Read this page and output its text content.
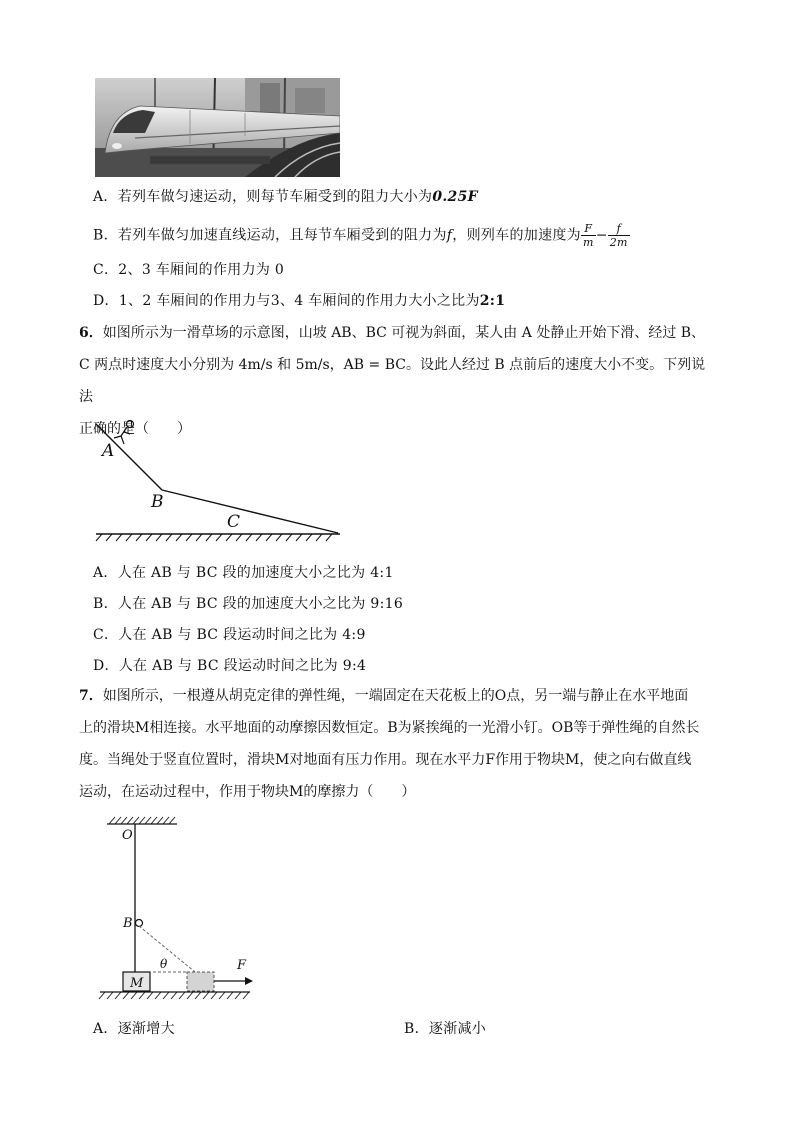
A．若列车做匀速运动，则每节车厢受到的阻力大小为0.25F
B．若列车做匀加速直线运动，且每节车厢受到的阻力为f，则列车的加速度为 $\frac{F}{m} - \frac{f}{2m}$
C．2、3 车厢间的作用力为 0
D．1、2 车厢间的作用力与3、4 车厢间的作用力大小之比为2:1
6．如图所示为一滑草场的示意图，山坡 AB、BC 可视为斜面，某人由 A 处静止开始下滑、经过 B、
C 两点时速度大小分别为 4m/s 和 5m/s，AB = BC。设此人经过 B 点前后的速度大小不变。下列说法
正确的是（　　）
A
B
C
A．人在 AB 与 BC 段的加速度大小之比为 4:1
B．人在 AB 与 BC 段的加速度大小之比为 9:16
C．人在 AB 与 BC 段运动时间之比为 4:9
D．人在 AB 与 BC 段运动时间之比为 9:4
7．如图所示，一根遵从胡克定律的弹性绳，一端固定在天花板上的O点，另一端与静止在水平地面
上的滑块M相连接。水平地面的动摩擦因数恒定。B为紧挨绳的一光滑小钉。OB等于弹性绳的自然长
度。当绳处于竖直位置时，滑块M对地面有压力作用。现在水平力F作用于物块M，使之向右做直线
运动，在运动过程中，作用于物块M的摩擦力（　　）
O
B
M
θ	F
A．逐渐增大	B．逐渐减小
